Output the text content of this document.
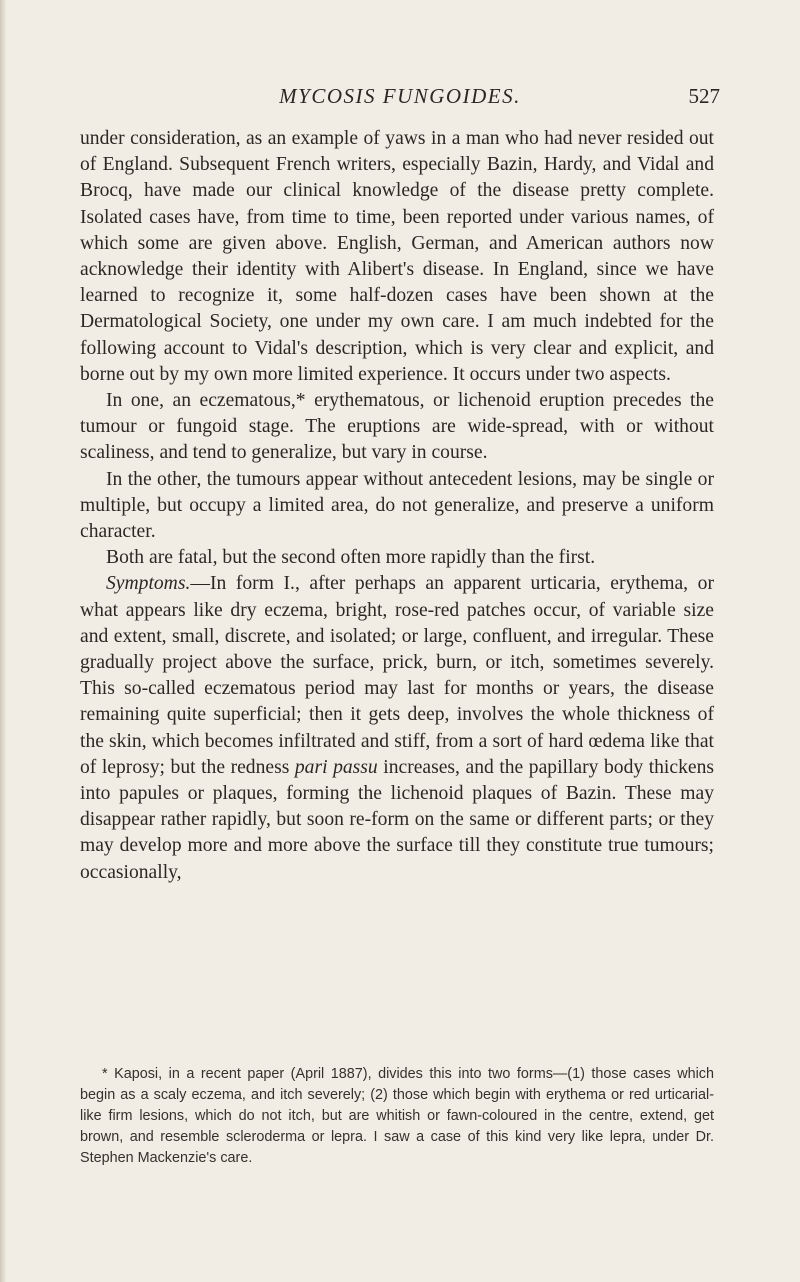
MYCOSIS FUNGOIDES.	527

under consideration, as an example of yaws in a man who had never resided out of England. Subsequent French writers, especially Bazin, Hardy, and Vidal and Brocq, have made our clinical knowledge of the disease pretty complete. Isolated cases have, from time to time, been reported under various names, of which some are given above. English, German, and American authors now acknowledge their identity with Alibert's disease. In England, since we have learned to recognize it, some half-dozen cases have been shown at the Dermatological Society, one under my own care. I am much indebted for the following account to Vidal's description, which is very clear and explicit, and borne out by my own more limited experience. It occurs under two aspects.

In one, an eczematous,* erythematous, or lichenoid eruption precedes the tumour or fungoid stage. The eruptions are wide-spread, with or without scaliness, and tend to generalize, but vary in course.

In the other, the tumours appear without antecedent lesions, may be single or multiple, but occupy a limited area, do not generalize, and preserve a uniform character.

Both are fatal, but the second often more rapidly than the first.

Symptoms.—In form I., after perhaps an apparent urticaria, erythema, or what appears like dry eczema, bright, rose-red patches occur, of variable size and extent, small, discrete, and isolated; or large, confluent, and irregular. These gradually project above the surface, prick, burn, or itch, sometimes severely. This so-called eczematous period may last for months or years, the disease remaining quite superficial; then it gets deep, involves the whole thickness of the skin, which becomes infiltrated and stiff, from a sort of hard œdema like that of leprosy; but the redness pari passu increases, and the papillary body thickens into papules or plaques, forming the lichenoid plaques of Bazin. These may disappear rather rapidly, but soon re-form on the same or different parts; or they may develop more and more above the surface till they constitute true tumours; occasionally,

* Kaposi, in a recent paper (April 1887), divides this into two forms—(1) those cases which begin as a scaly eczema, and itch severely; (2) those which begin with erythema or red urticarial-like firm lesions, which do not itch, but are whitish or fawn-coloured in the centre, extend, get brown, and resemble scleroderma or lepra. I saw a case of this kind very like lepra, under Dr. Stephen Mackenzie's care.
